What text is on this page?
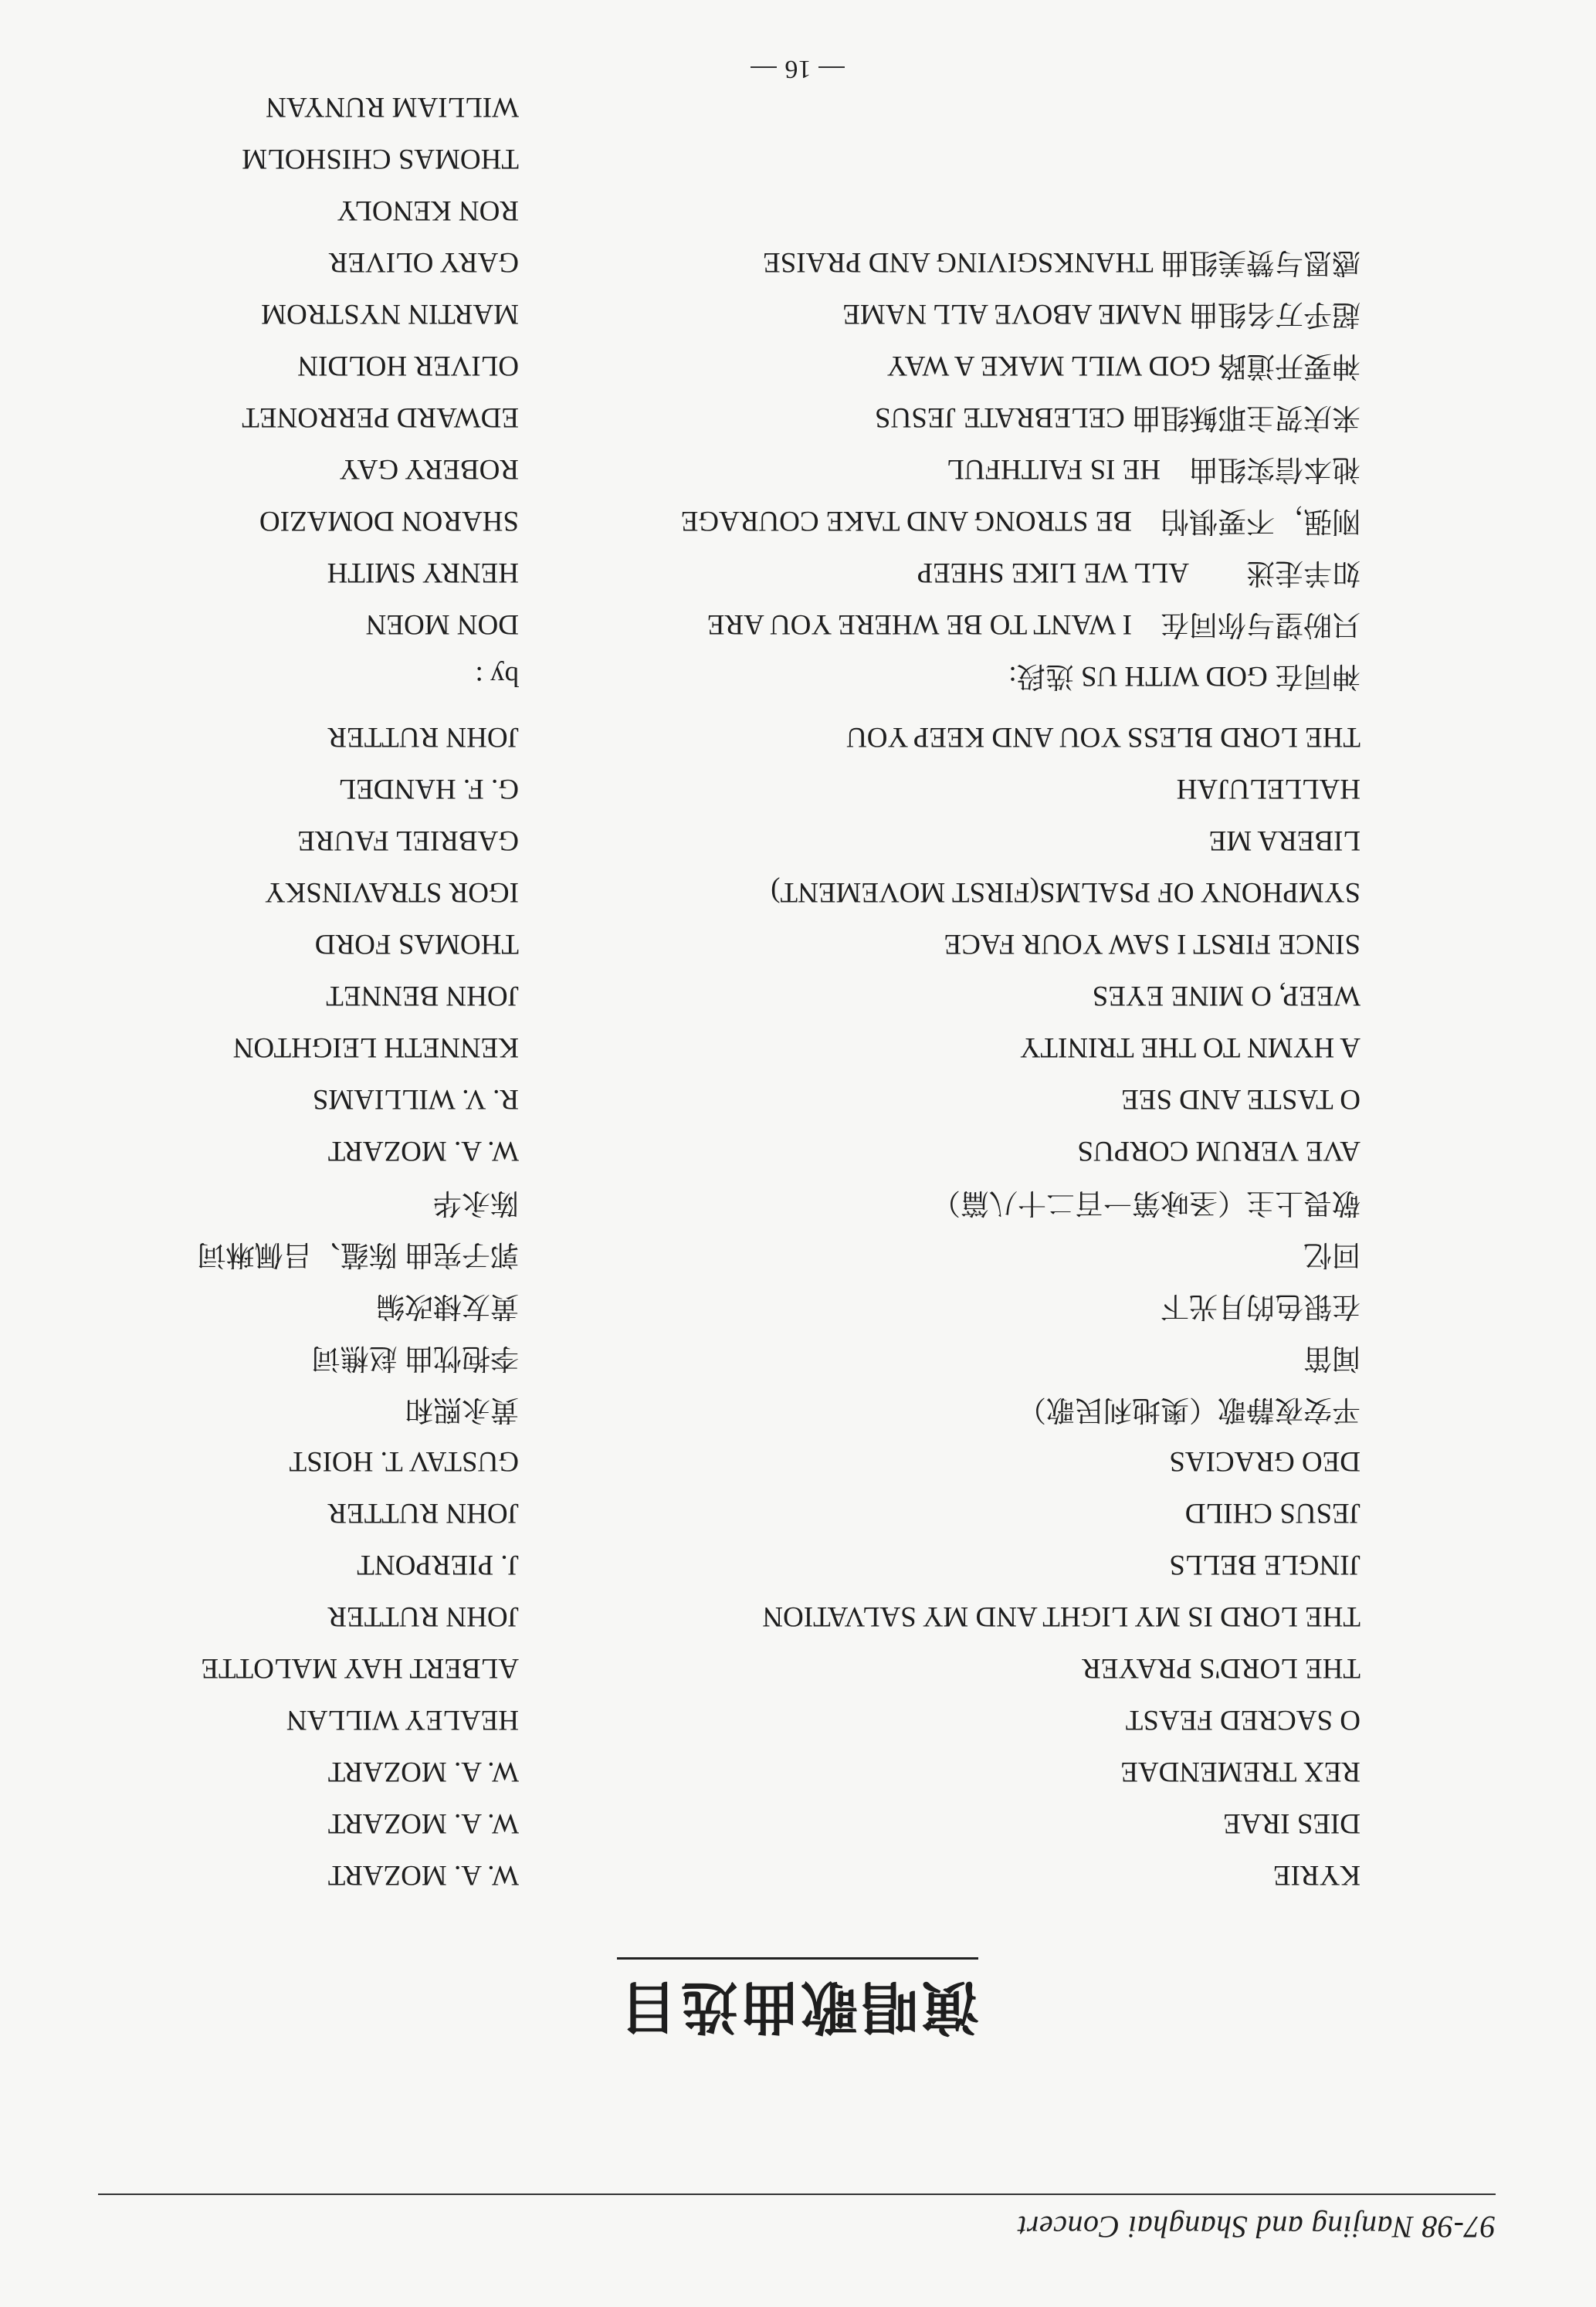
97-98 Nanjing and Shanghai Concert
演唱歌曲选目
KYRIE
W. A. MOZART
DIES IRAE
W. A. MOZART
REX TREMENDAE
W. A. MOZART
O SACRED FEAST
HEALEY WILLAN
THE LORD'S PRAYER
ALBERT HAY MALOTTE
THE LORD IS MY LIGHT AND MY SALVATION
JOHN RUTTER
JINGLE BELLS
J. PIERPONT
JESUS CHILD
JOHN RUTTER
DEO GRACIAS
GUSTAV T. HOIST
平安夜静歌（奥地利民歌）
黄永熙和
闻笛
李抱忱曲 赵樵词
在银色的月光下
黄友棣改编
回忆
郭子宪曲 陈蕴、吕佩琳词
敬畏上主（圣咏第一百二十八篇）
陈永华
AVE VERUM CORPUS
W. A. MOZART
O TASTE AND SEE
R. V. WILLIAMS
A HYMN TO THE TRINITY
KENNETH LEIGHTON
WEEP, O MINE EYES
JOHN BENNET
SINCE FIRST I SAW YOUR FACE
THOMAS FORD
SYMPHONY OF PSALMS(FIRST MOVEMENT)
IGOR STRAVINSKY
LIBERA ME
GABRIEL FAURE
HALLELUJAH
G. F. HANDEL
THE LORD BLESS YOU AND KEEP YOU
JOHN RUTTER
神同在 GOD WITH US 选段:
by :
只盼望与你同在　I WANT TO BE WHERE YOU ARE
DON MOEN
如羊走迷　　ALL WE LIKE SHEEP
HENRY SMITH
刚强，不要惧怕　BE STRONG AND TAKE COURAGE
SHARON DOMAZIO
祂本信实组曲　HE IS FAITHFUL
ROBERY GAY
来庆贺主耶稣组曲 CELEBRATE JESUS
EDWARD PERRONET
神要开道路 GOD WILL MAKE A WAY
OLIVER HOLDIN
超乎万名组曲 NAME ABOVE ALL NAME
MARTIN NYSTROM
感恩与赞美组曲 THANKSGIVING AND PRAISE
GARY OLIVER
RON KENOLY
THOMAS CHISHOLM
WILLIAM RUNYAN
16
